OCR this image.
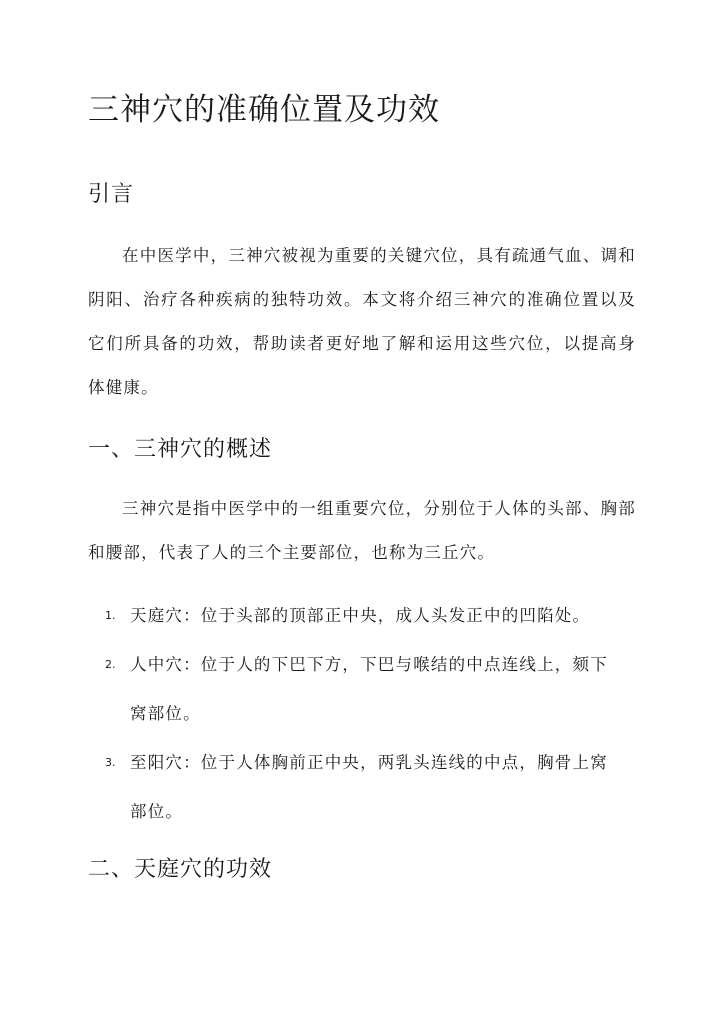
三神穴的准确位置及功效
引言

在中医学中，三神穴被视为重要的关键穴位，具有疏通气血、调和阴阳、治疗各种疾病的独特功效。本文将介绍三神穴的准确位置以及它们所具备的功效，帮助读者更好地了解和运用这些穴位，以提高身体健康。

一、三神穴的概述

三神穴是指中医学中的一组重要穴位，分别位于人体的头部、胸部和腰部，代表了人的三个主要部位，也称为三丘穴。

1. 天庭穴：位于头部的顶部正中央，成人头发正中的凹陷处。
2. 人中穴：位于人的下巴下方，下巴与喉结的中点连线上，颏下窝部位。
3. 至阳穴：位于人体胸前正中央，两乳头连线的中点，胸骨上窝部位。
二、天庭穴的功效
